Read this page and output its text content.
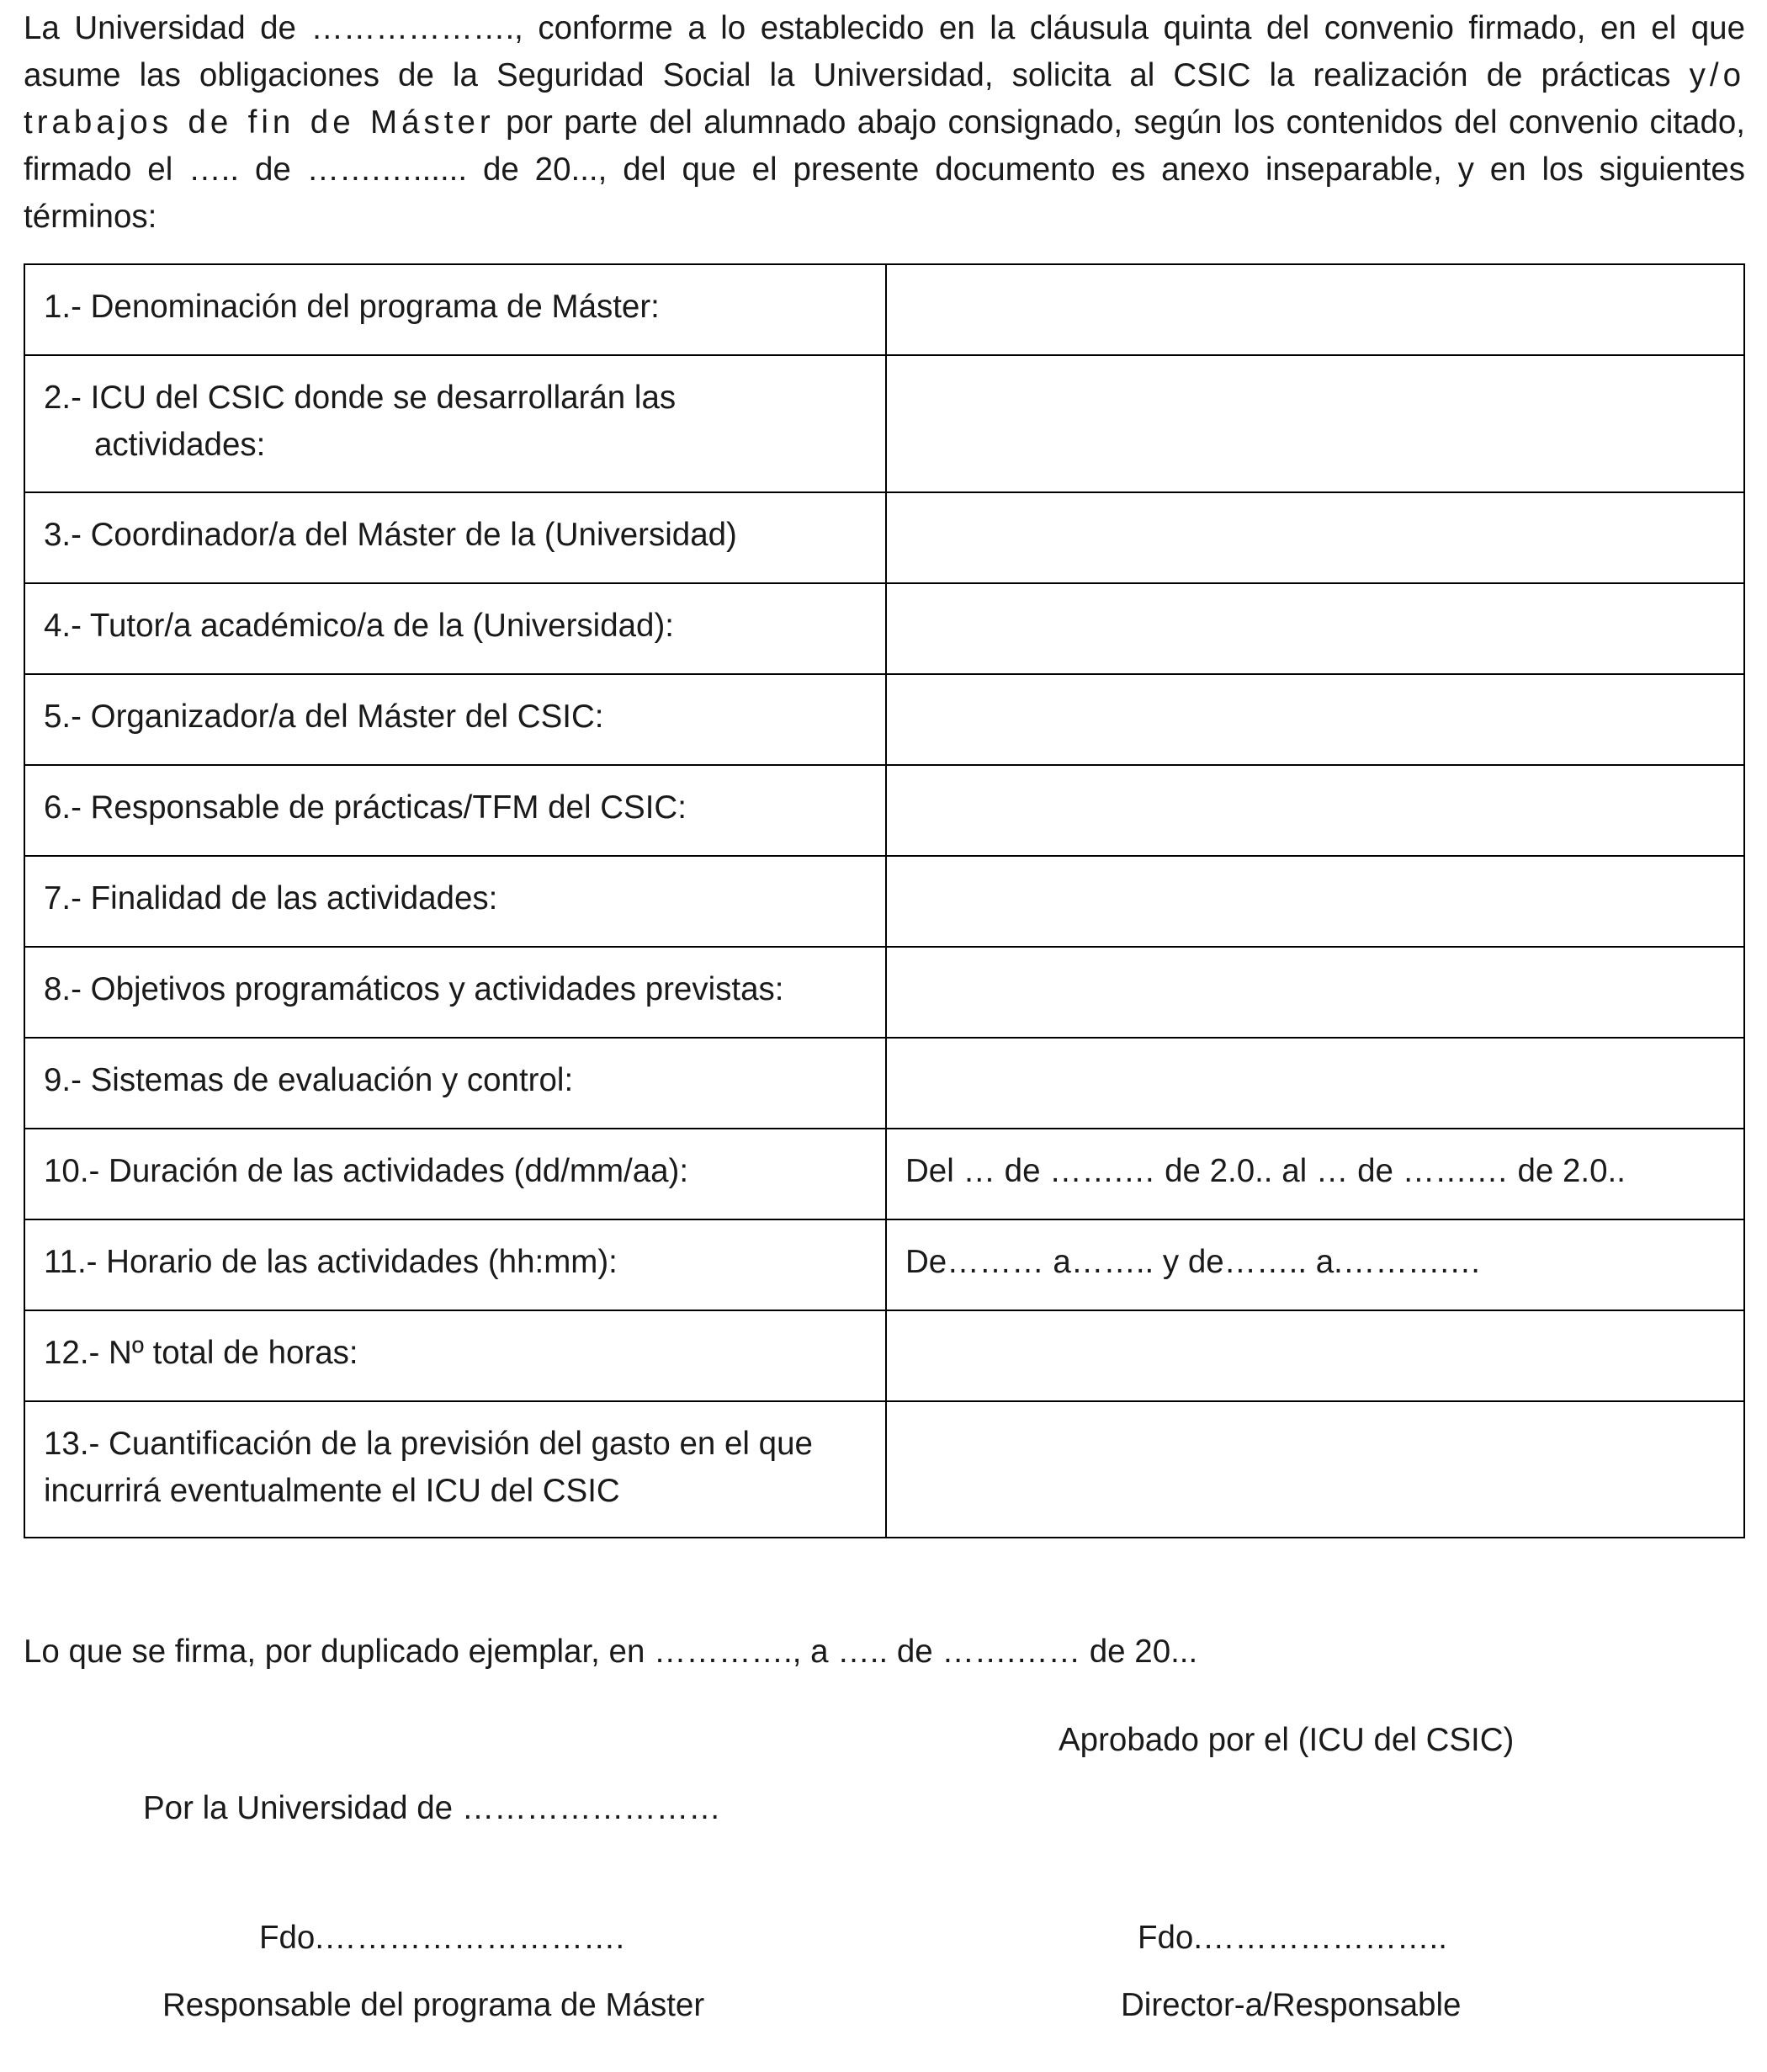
La Universidad de ………………., conforme a lo establecido en la cláusula quinta del convenio firmado, en el que asume las obligaciones de la Seguridad Social la Universidad, solicita al CSIC la realización de prácticas y/o trabajos de fin de Máster por parte del alumnado abajo consignado, según los contenidos del convenio citado, firmado el ….. de …….…...... de 20..., del que el presente documento es anexo inseparable, y en los siguientes términos:

1.- Denominación del programa de Máster:	
2.- ICU del CSIC donde se desarrollarán las
actividades:	
3.- Coordinador/a del Máster de la (Universidad)	
4.- Tutor/a académico/a de la (Universidad):	
5.- Organizador/a del Máster del CSIC:	
6.- Responsable de prácticas/TFM del CSIC:	
7.- Finalidad de las actividades:	
8.- Objetivos programáticos y actividades previstas:	
9.- Sistemas de evaluación y control:	
10.- Duración de las actividades (dd/mm/aa):	Del … de …….… de 2.0.. al … de …….… de 2.0..
11.- Horario de las actividades (hh:mm):	De……… a…….. y de…….. a.……….…
12.- Nº total de horas:	
13.- Cuantificación de la previsión del gasto en el que
incurrirá eventualmente el ICU del CSIC	
Lo que se firma, por duplicado ejemplar, en …………., a ….. de …….…… de 20...
Aprobado por el (ICU del CSIC)
Por la Universidad de ……………………
Fdo.……………………….	Fdo.…………………..
Responsable del programa de Máster	Director-a/Responsable
